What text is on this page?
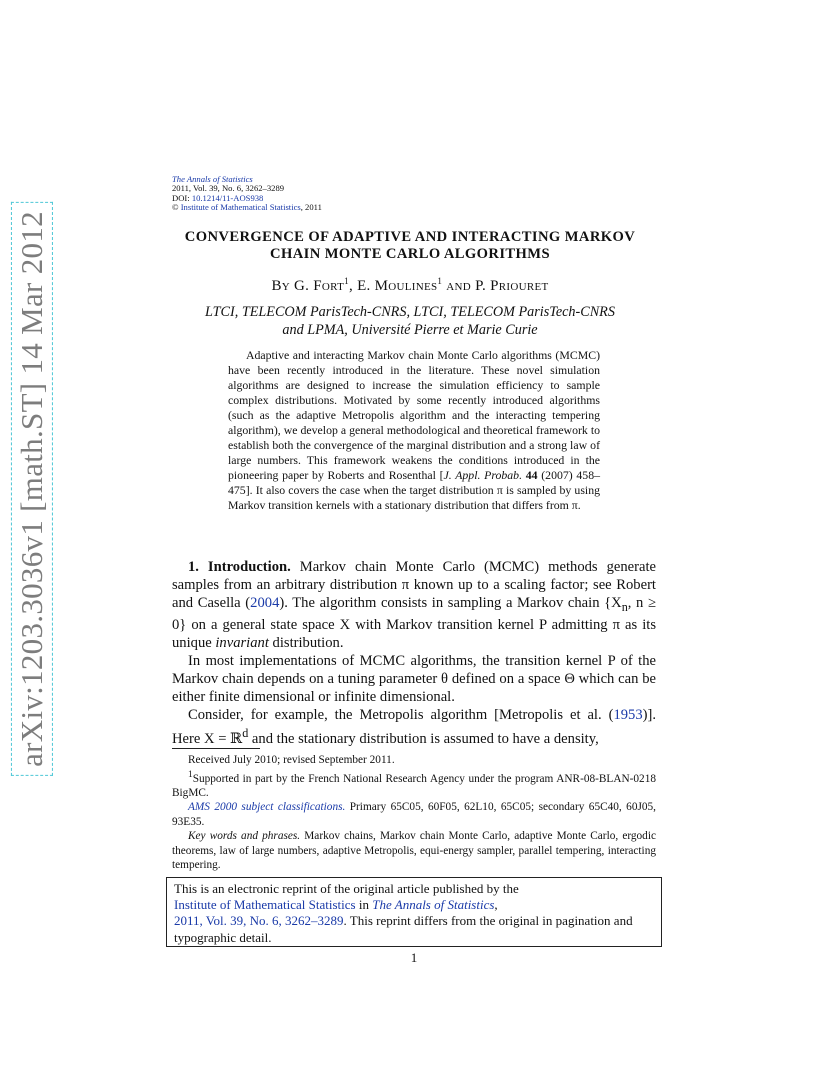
arXiv:1203.3036v1 [math.ST] 14 Mar 2012
The Annals of Statistics
2011, Vol. 39, No. 6, 3262–3289
DOI: 10.1214/11-AOS938
© Institute of Mathematical Statistics, 2011
CONVERGENCE OF ADAPTIVE AND INTERACTING MARKOV
CHAIN MONTE CARLO ALGORITHMS
By G. Fort$^1$, E. Moulines$^1$ and P. Priouret
LTCI, TELECOM ParisTech-CNRS, LTCI, TELECOM ParisTech-CNRS
and LPMA, Université Pierre et Marie Curie
Adaptive and interacting Markov chain Monte Carlo algorithms (MCMC) have been recently introduced in the literature. These novel simulation algorithms are designed to increase the simulation efficiency to sample complex distributions. Motivated by some recently introduced algorithms (such as the adaptive Metropolis algorithm and the interacting tempering algorithm), we develop a general methodological and theoretical framework to establish both the convergence of the marginal distribution and a strong law of large numbers. This framework weakens the conditions introduced in the pioneering paper by Roberts and Rosenthal [J. Appl. Probab. 44 (2007) 458–475]. It also covers the case when the target distribution π is sampled by using Markov transition kernels with a stationary distribution that differs from π.

1. Introduction. Markov chain Monte Carlo (MCMC) methods generate samples from an arbitrary distribution π known up to a scaling factor; see Robert and Casella (2004). The algorithm consists in sampling a Markov chain {$X_n$, n ≥ 0} on a general state space X with Markov transition kernel P admitting π as its unique invariant distribution.

In most implementations of MCMC algorithms, the transition kernel P of the Markov chain depends on a tuning parameter θ defined on a space Θ which can be either finite dimensional or infinite dimensional.

Consider, for example, the Metropolis algorithm [Metropolis et al. (1953)]. Here X = ℝ$^d$ and the stationary distribution is assumed to have a density,

Received July 2010; revised September 2011.

$^1$Supported in part by the French National Research Agency under the program ANR-08-BLAN-0218 BigMC.

AMS 2000 subject classifications. Primary 65C05, 60F05, 62L10, 65C05; secondary 65C40, 60J05, 93E35.

Key words and phrases. Markov chains, Markov chain Monte Carlo, adaptive Monte Carlo, ergodic theorems, law of large numbers, adaptive Metropolis, equi-energy sampler, parallel tempering, interacting tempering.

This is an electronic reprint of the original article published by the
Institute of Mathematical Statistics in The Annals of Statistics,
2011, Vol. 39, No. 6, 3262–3289. This reprint differs from the original in pagination and typographic detail.
1
